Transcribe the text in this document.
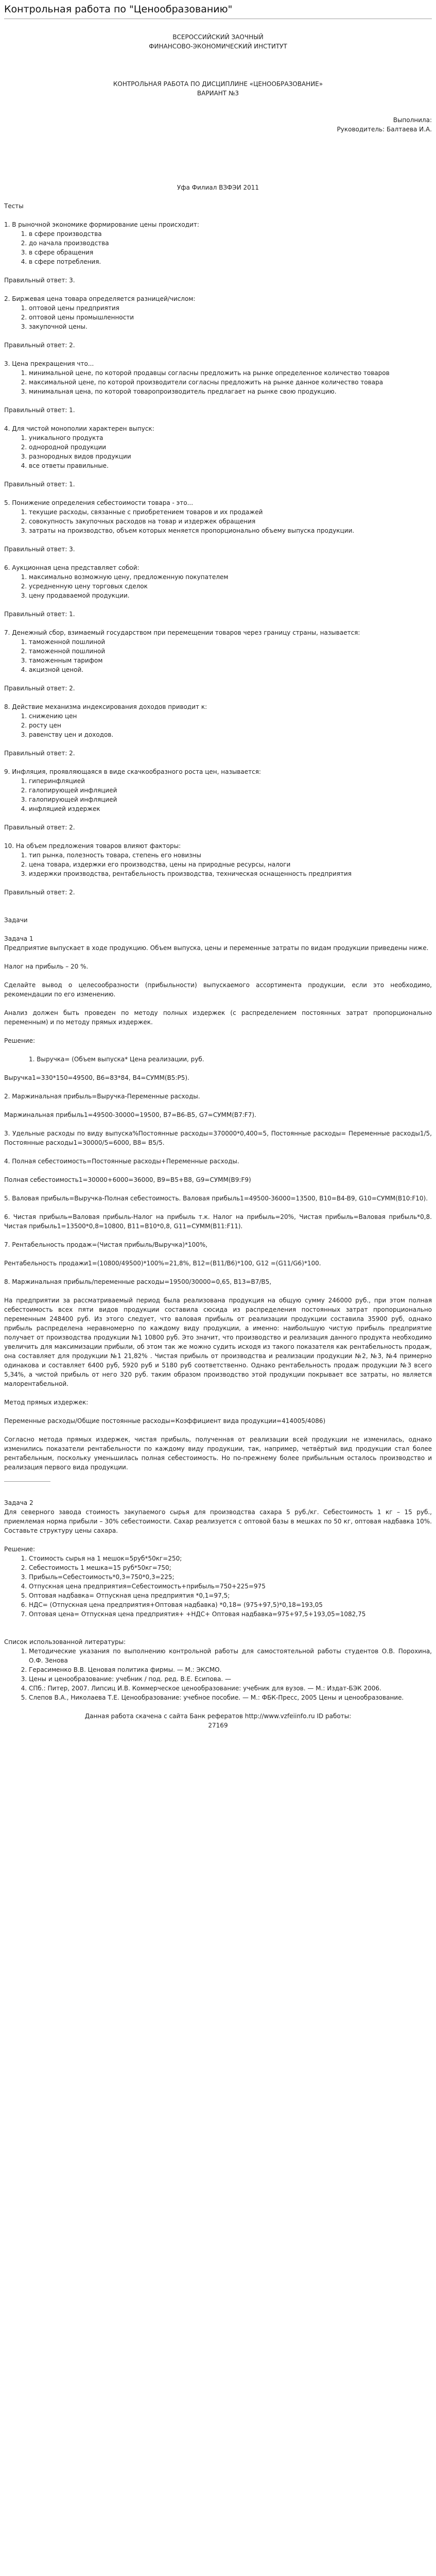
Контрольная работа по "Ценообразованию"
ВСЕРОССИЙСКИЙ ЗАОЧНЫЙ
ФИНАНСОВО-ЭКОНОМИЧЕСКИЙ ИНСТИТУТ
КОНТРОЛЬНАЯ РАБОТА ПО ДИСЦИПЛИНЕ «ЦЕНООБРАЗОВАНИЕ»
ВАРИАНТ №3
Выполнила:
Руководитель: Балтаева И.А.
Уфа Филиал ВЗФЭИ 2011
Тесты
1. В рыночной экономике формирование цены происходит:
1. в сфере производства
2. до начала производства
3. в сфере обращения
4. в сфере потребления.
Правильный ответ: 3.
2. Биржевая цена товара определяется разницей/числом:
1. оптовой цены предприятия
2. оптовой цены промышленности
3. закупочной цены.
Правильный ответ: 2.
3. Цена прекращения что...
1. минимальной цене, по которой продавцы согласны предложить на рынке определенное количество товаров
2. максимальной цене, по которой производители согласны предложить на рынке данное количество товара
3. минимальная цена, по которой товаропроизводитель предлагает на рынке свою продукцию.
Правильный ответ: 1.
4. Для чистой монополии характерен выпуск:
1. уникального продукта
2. однородной продукции
3. разнородных видов продукции
4. все ответы правильные.
Правильный ответ: 1.
5. Понижение определения себестоимости товара - это...
1. текущие расходы, связанные с приобретением товаров и их продажей
2. совокупность закупочных расходов на товар и издержек обращения
3. затраты на производство, объем которых меняется пропорционально объему выпуска продукции.
Правильный ответ: 3.
6. Аукционная цена представляет собой:
1. максимально возможную цену, предложенную покупателем
2. усредненную цену торговых сделок
3. цену продаваемой продукции.
Правильный ответ: 1.
7. Денежный сбор, взимаемый государством при перемещении товаров через границу страны, называется:
1. таможенной пошлиной
2. таможенной пошлиной
3. таможенным тарифом
4. акцизной ценой.
Правильный ответ: 2.
8. Действие механизма индексирования доходов приводит к:
1. снижению цен
2. росту цен
3. равенству цен и доходов.
Правильный ответ: 2.
9. Инфляция, проявляющаяся в виде скачкообразного роста цен, называется:
1. гиперинфляцией
2. галопирующей инфляцией
3. галопирующей инфляцией
4. инфляцией издержек
Правильный ответ: 2.
10. На объем предложения товаров влияют факторы:
1. тип рынка, полезность товара, степень его новизны
2. цена товара, издержки его производства, цены на природные ресурсы, налоги
3. издержки производства, рентабельность производства, техническая оснащенность предприятия
Правильный ответ: 2.
Задачи
Задача 1

Предприятие выпускает в ходе продукцию. Объем выпуска, цены и переменные затраты по видам продукции приведены ниже.

Налог на прибыль – 20 %.

Сделайте вывод о целесообразности (прибыльности) выпускаемого ассортимента продукции, если это необходимо, рекомендации по его изменению.

Анализ должен быть проведен по методу полных издержек (с распределением постоянных затрат пропорционально переменным) и по методу прямых издержек.

Решение:
1. Выручка= (Объем выпуска* Цена реализации, руб.

Выручка1=330*150=49500, В6=83*84, В4=СУММ(В5:Р5).

2. Маржинальная прибыль=Выручка-Переменные расходы.

Маржинальная прибыль1=49500-30000=19500, В7=В6-В5, G7=СУММ(B7:F7).

3. Удельные расходы по виду выпуска%Постоянные расходы=370000*0,400=5, Постоянные расходы= Переменные расходы1/5, Постоянные расходы1=30000/5=6000, В8= В5/5.

4. Полная себестоимость=Постоянные расходы+Переменные расходы.

Полная себестоимость1=30000+6000=36000, B9=B5+B8, G9=СУММ(B9:F9)

5. Валовая прибыль=Выручка-Полная себестоимость. Валовая прибыль1=49500-36000=13500, В10=B4-B9, G10=СУММ(B10:F10).

6. Чистая прибыль=Валовая прибыль-Налог на прибыль т.к. Налог на прибыль=20%, Чистая прибыль=Валовая прибыль*0,8. Чистая прибыль1=13500*0,8=10800, В11=B10*0,8, G11=СУММ(B11:F11).

7. Рентабельность продаж=(Чистая прибыль/Выручка)*100%,

Рентабельность продажи1=(10800/49500)*100%=21,8%, В12=(В11/В6)*100, G12 =(G11/G6)*100.

8. Маржинальная прибыль/переменные расходы=19500/30000=0,65, В13=В7/В5,

На предприятии за рассматриваемый период была реализована продукция на общую сумму 246000 руб., при этом полная себестоимость всех пяти видов продукции составила сюсида из распределения постоянных затрат пропорционально переменным 248400 руб. Из этого следует, что валовая прибыль от реализации продукции составила 35900 руб, однако прибыль распределена неравномерно по каждому виду продукции, а именно: наибольшую чистую прибыль предприятие получает от производства продукции №1 10800 руб. Это значит, что производство и реализация данного продукта необходимо увеличить для максимизации прибыли, об этом так же можно судить исходя из такого показателя как рентабельность продаж, она составляет для продукции №1 21,82% . Чистая прибыль от производства и реализации продукции №2, №3, №4 примерно одинакова и составляет 6400 руб, 5920 руб и 5180 руб соответственно. Однако рентабельность продаж продукции №3 всего 5,34%, а чистой прибыль от него 320 руб. таким образом производство этой продукции покрывает все затраты, но является малорентабельной.

Метод прямых издержек:

Переменные расходы/Общие постоянные расходы=Коэффициент вида продукции=414005/4086)

Согласно метода прямых издержек, чистая прибыль, полученная от реализации всей продукции не изменилась, однако изменились показатели рентабельности по каждому виду продукции, так, например, четвёртый вид продукции стал более рентабельным, поскольку уменьшилась полная себестоимость. Но по-прежнему более прибыльным осталось производство и реализация первого вида продукции.

Задача 2

Для северного завода стоимость закупаемого сырья для производства сахара 5 руб./кг. Себестоимость 1 кг – 15 руб., приемлемая норма прибыли – 30% себестоимости. Сахар реализуется с оптовой базы в мешках по 50 кг, оптовая надбавка 10%. Составьте структуру цены сахара.

Решение:
1. Стоимость сырья на 1 мешок=5руб*50кг=250;
2. Себестоимость 1 мешка=15 руб*50кг=750;
3. Прибыль=Себестоимость*0,3=750*0,3=225;
4. Отпускная цена предприятия=Себестоимость+прибыль=750+225=975
5. Оптовая надбавка= Отпускная цена предприятия *0,1=97,5;
6. НДС= (Отпускная цена предприятия+Оптовая надбавка) *0,18= (975+97,5)*0,18=193,05
7. Оптовая цена= Отпускная цена предприятия+ +НДС+ Оптовая надбавка=975+97,5+193,05=1082,75
Список использованной литературы:
1. Методические указания по выполнению контрольной работы для самостоятельной работы студентов О.В. Порохина, О.Ф. Зенова
2. Герасименко В.В. Ценовая политика фирмы. — М.: ЭКСМО.
3. Цены и ценообразование: учебник / под. ред. В.Е. Есипова. —
4. СПб.: Питер, 2007. Липсиц И.В. Коммерческое ценообразование: учебник для вузов. — М.: Издат-БЭК 2006.
5. Слепов В.А., Николаева Т.Е. Ценообразование: учебное пособие. — М.: ФБК-Пресс, 2005 Цены и ценообразование.
Данная работа скачена с сайта Банк рефератов http://www.vzfeiinfo.ru ID работы: 27169
